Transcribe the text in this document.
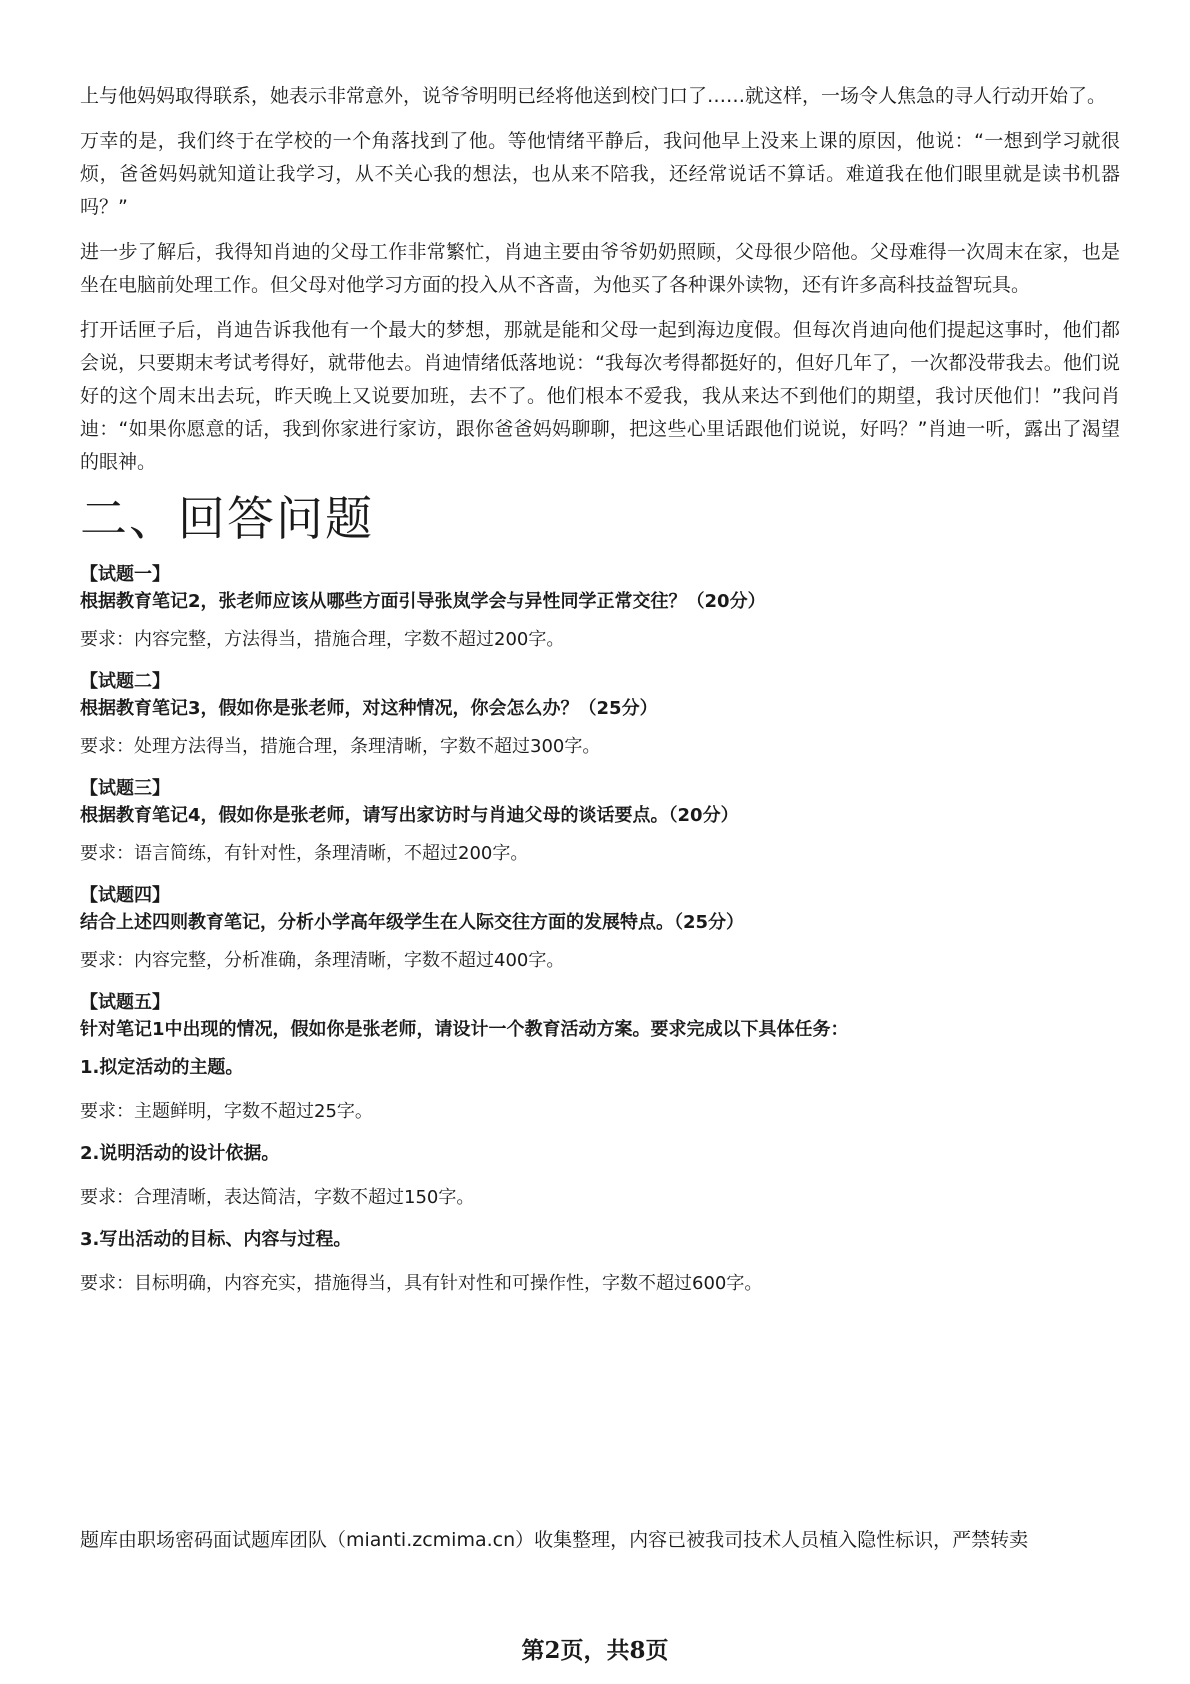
上与他妈妈取得联系，她表示非常意外，说爷爷明明已经将他送到校门口了……就这样，一场令人焦急的寻人行动开始了。

万幸的是，我们终于在学校的一个角落找到了他。等他情绪平静后，我问他早上没来上课的原因，他说：“一想到学习就很烦，爸爸妈妈就知道让我学习，从不关心我的想法，也从来不陪我，还经常说话不算话。难道我在他们眼里就是读书机器吗？”

进一步了解后，我得知肖迪的父母工作非常繁忙，肖迪主要由爷爷奶奶照顾，父母很少陪他。父母难得一次周末在家，也是坐在电脑前处理工作。但父母对他学习方面的投入从不吝啬，为他买了各种课外读物，还有许多高科技益智玩具。

打开话匣子后，肖迪告诉我他有一个最大的梦想，那就是能和父母一起到海边度假。但每次肖迪向他们提起这事时，他们都会说，只要期末考试考得好，就带他去。肖迪情绪低落地说：“我每次考得都挺好的，但好几年了，一次都没带我去。他们说好的这个周末出去玩，昨天晚上又说要加班，去不了。他们根本不爱我，我从来达不到他们的期望，我讨厌他们！”我问肖迪：“如果你愿意的话，我到你家进行家访，跟你爸爸妈妈聊聊，把这些心里话跟他们说说，好吗？”肖迪一听，露出了渴望的眼神。

二、回答问题

【试题一】

根据教育笔记2，张老师应该从哪些方面引导张岚学会与异性同学正常交往？（20分）

要求：内容完整，方法得当，措施合理，字数不超过200字。

【试题二】

根据教育笔记3，假如你是张老师，对这种情况，你会怎么办？（25分）

要求：处理方法得当，措施合理，条理清晰，字数不超过300字。

【试题三】

根据教育笔记4，假如你是张老师，请写出家访时与肖迪父母的谈话要点。（20分）

要求：语言简练，有针对性，条理清晰，不超过200字。

【试题四】

结合上述四则教育笔记，分析小学高年级学生在人际交往方面的发展特点。（25分）

要求：内容完整，分析准确，条理清晰，字数不超过400字。

【试题五】

针对笔记1中出现的情况，假如你是张老师，请设计一个教育活动方案。要求完成以下具体任务：

1.拟定活动的主题。

要求：主题鲜明，字数不超过25字。

2.说明活动的设计依据。

要求：合理清晰，表达简洁，字数不超过150字。

3.写出活动的目标、内容与过程。

要求：目标明确，内容充实，措施得当，具有针对性和可操作性，字数不超过600字。

题库由职场密码面试题库团队（mianti.zcmima.cn）收集整理，内容已被我司技术人员植入隐性标识，严禁转卖
第2页，共8页
